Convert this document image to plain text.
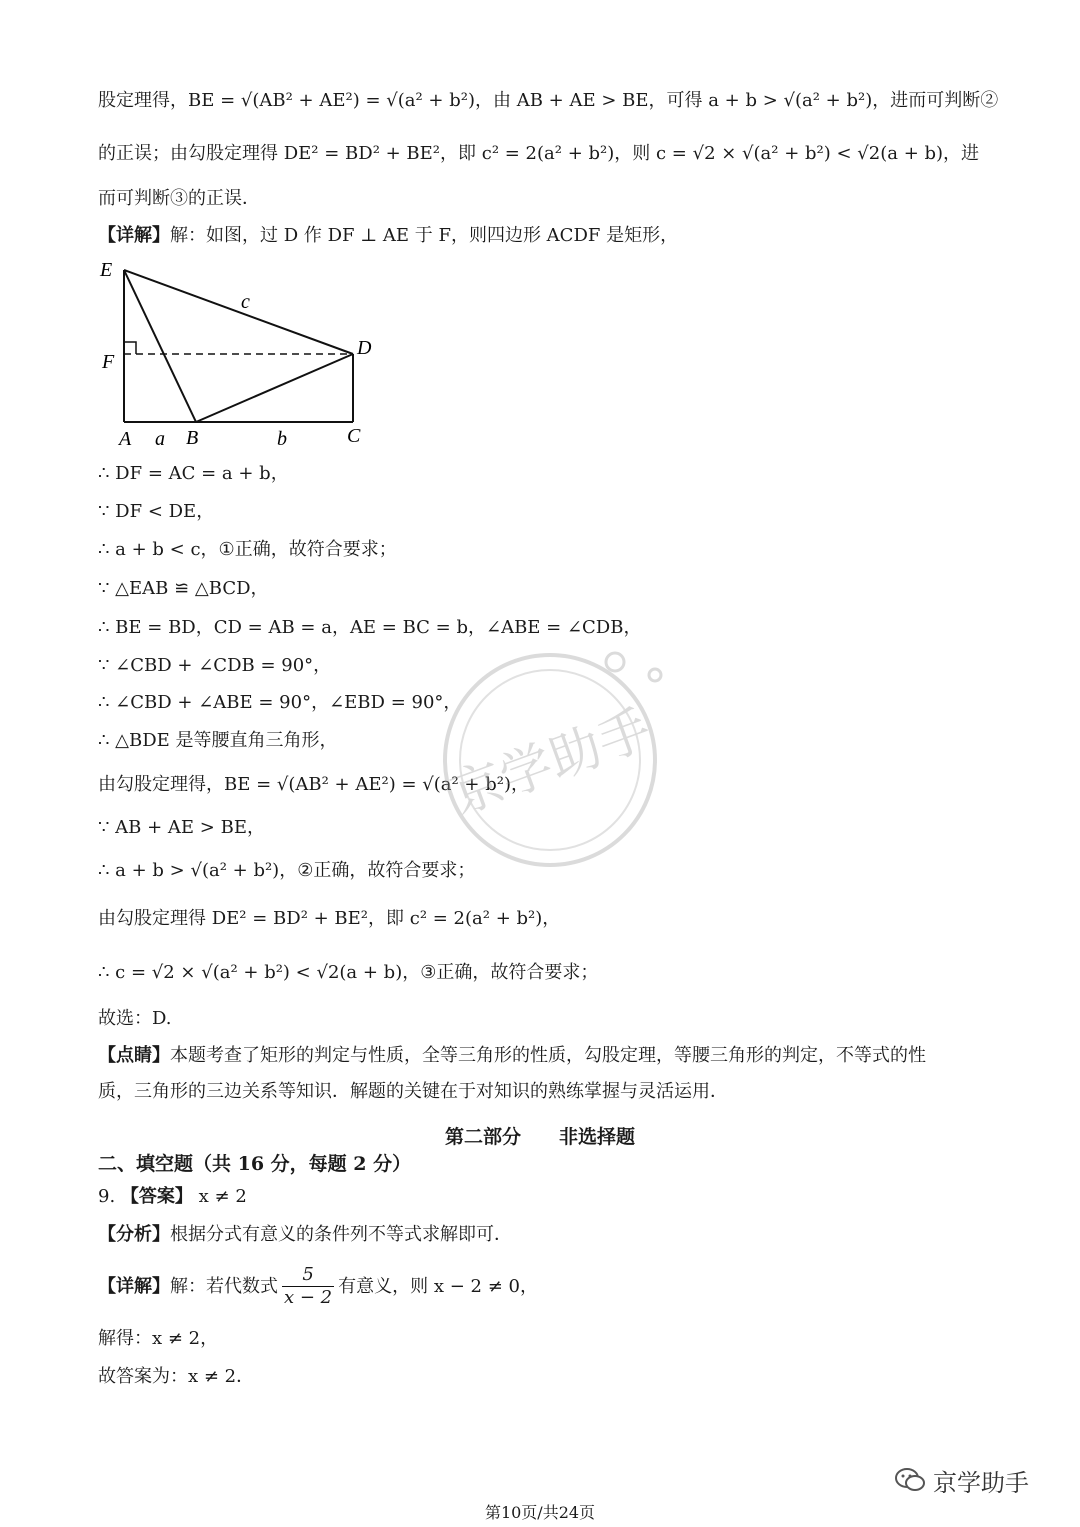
股定理得，BE = √(AB² + AE²) = √(a² + b²)，由 AB + AE > BE，可得 a + b > √(a² + b²)，进而可判断②
的正误；由勾股定理得 DE² = BD² + BE²，即 c² = 2(a² + b²)，则 c = √2 × √(a² + b²) < √2(a + b)，进
而可判断③的正误．
【详解】解：如图，过 D 作 DF ⊥ AE 于 F，则四边形 ACDF 是矩形，
E
F
A a B	b	C
D
c
∴ DF = AC = a + b，
∵ DF < DE，
∴ a + b < c，①正确，故符合要求；
∵ △EAB ≌ △BCD，
∴ BE = BD，CD = AB = a，AE = BC = b，∠ABE = ∠CDB，
∵ ∠CBD + ∠CDB = 90°，
∴ ∠CBD + ∠ABE = 90°，∠EBD = 90°，
∴ △BDE 是等腰直角三角形，
由勾股定理得，BE = √(AB² + AE²) = √(a² + b²)，
∵ AB + AE > BE，
∴ a + b > √(a² + b²)，②正确，故符合要求；
由勾股定理得 DE² = BD² + BE²，即 c² = 2(a² + b²)，
∴ c = √2 × √(a² + b²) < √2(a + b)，③正确，故符合要求；
故选：D.
【点睛】本题考查了矩形的判定与性质，全等三角形的性质，勾股定理，等腰三角形的判定，不等式的性
质，三角形的三边关系等知识．解题的关键在于对知识的熟练掌握与灵活运用．
第二部分　　非选择题
二、填空题（共 16 分，每题 2 分）
9. 【答案】 x ≠ 2
【分析】根据分式有意义的条件列不等式求解即可．
【详解】 解：若代数式 $\frac{5}{x - 2}$ 有意义，则 x − 2 ≠ 0，
解得：x ≠ 2，
故答案为：x ≠ 2．
京学助手
京学助手
第10页/共24页
